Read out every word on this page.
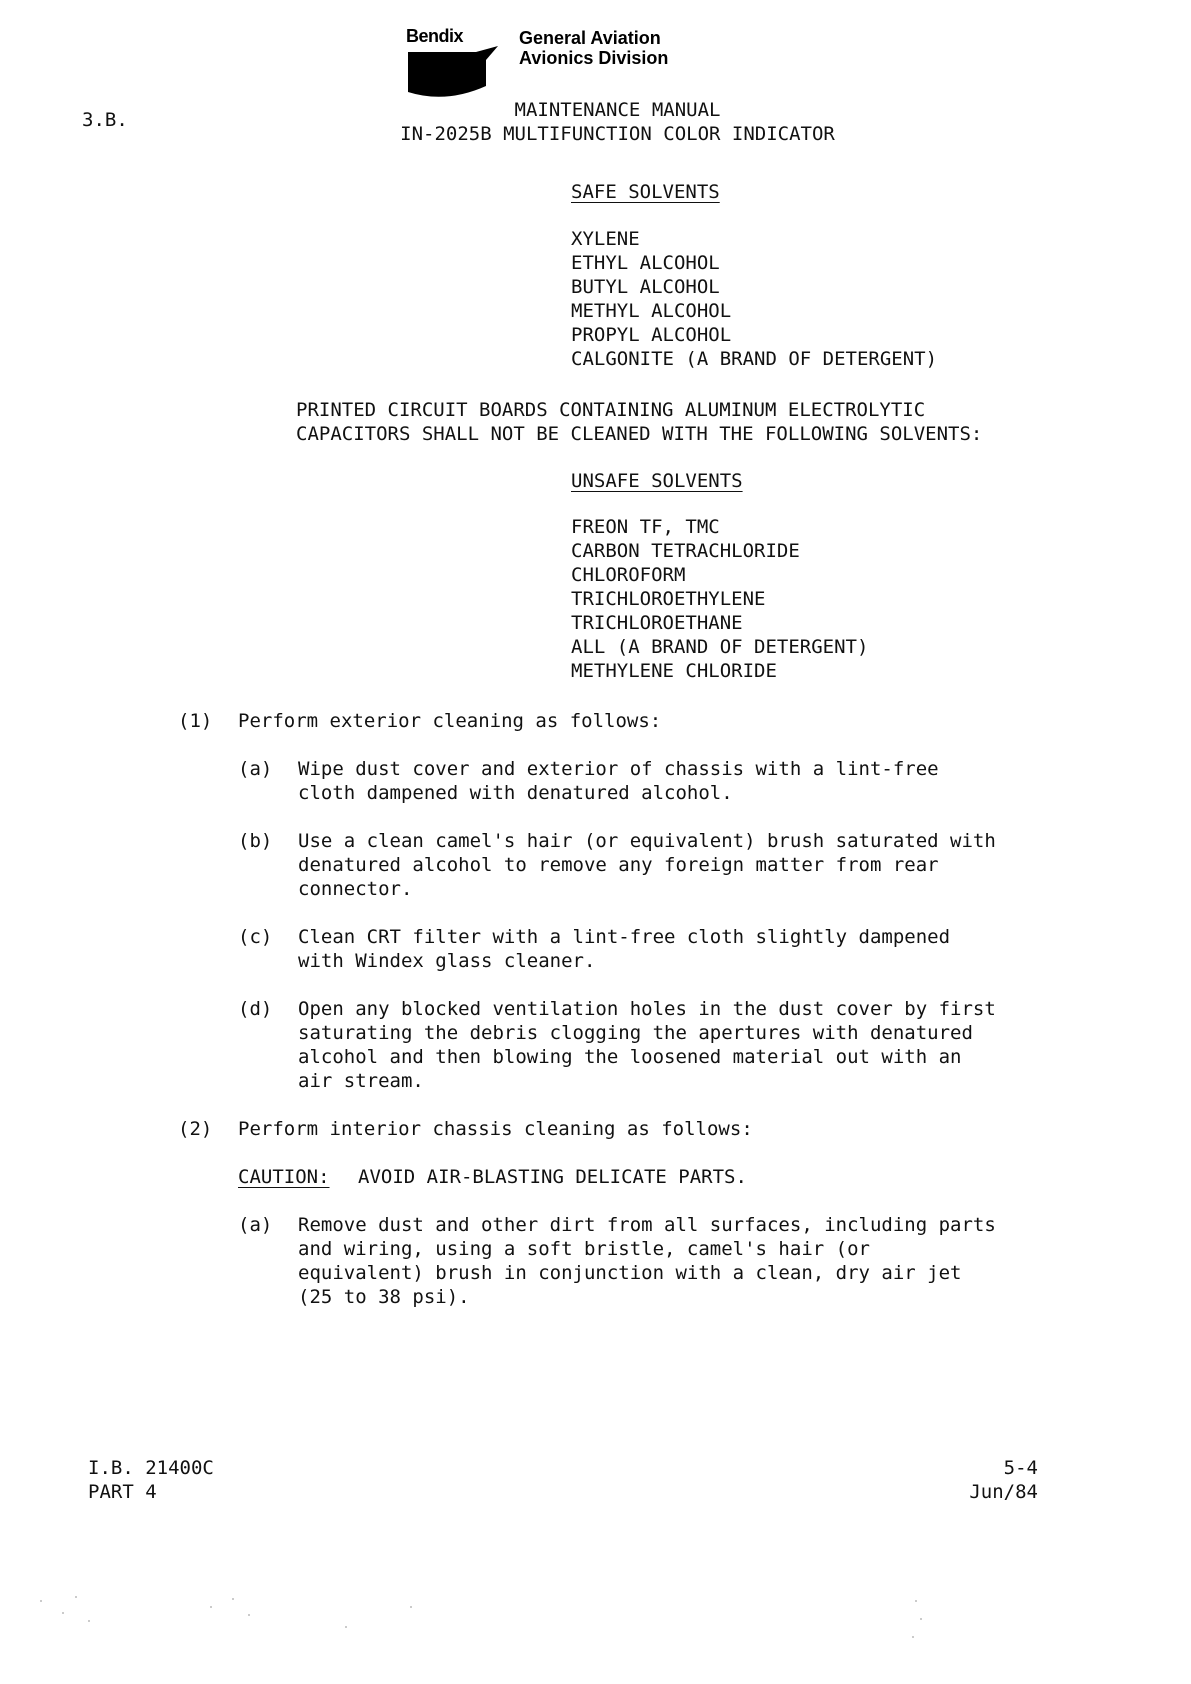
Bendix	General Aviation
Avionics Division
3.B.	MAINTENANCE MANUAL
IN-2025B MULTIFUNCTION COLOR INDICATOR
SAFE SOLVENTS
XYLENE
ETHYL ALCOHOL
BUTYL ALCOHOL
METHYL ALCOHOL
PROPYL ALCOHOL
CALGONITE (A BRAND OF DETERGENT)
PRINTED CIRCUIT BOARDS CONTAINING ALUMINUM ELECTROLYTIC
CAPACITORS SHALL NOT BE CLEANED WITH THE FOLLOWING SOLVENTS:
UNSAFE SOLVENTS
FREON TF, TMC
CARBON TETRACHLORIDE
CHLOROFORM
TRICHLOROETHYLENE
TRICHLOROETHANE
ALL (A BRAND OF DETERGENT)
METHYLENE CHLORIDE
(1) Perform exterior cleaning as follows:
(a) Wipe dust cover and exterior of chassis with a lint-free
cloth dampened with denatured alcohol.
(b) Use a clean camel's hair (or equivalent) brush saturated with
denatured alcohol to remove any foreign matter from rear
connector.
(c) Clean CRT filter with a lint-free cloth slightly dampened
with Windex glass cleaner.
(d) Open any blocked ventilation holes in the dust cover by first
saturating the debris clogging the apertures with denatured
alcohol and then blowing the loosened material out with an
air stream.
(2) Perform interior chassis cleaning as follows:
CAUTION: AVOID AIR-BLASTING DELICATE PARTS.
(a) Remove dust and other dirt from all surfaces, including parts
and wiring, using a soft bristle, camel's hair (or
equivalent) brush in conjunction with a clean, dry air jet
(25 to 38 psi).
I.B. 21400C
PART 4
5-4
Jun/84
